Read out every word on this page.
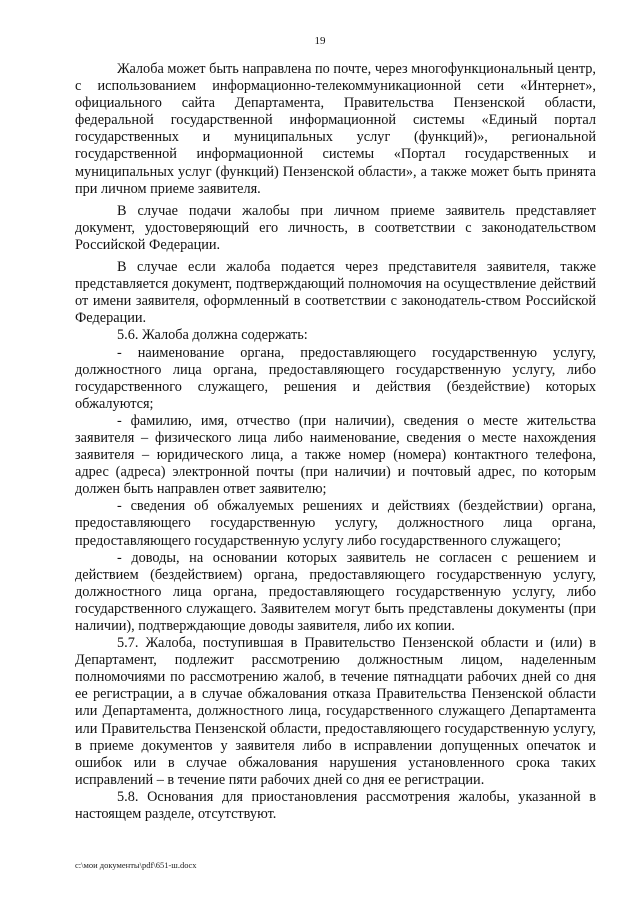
19

Жалоба может быть направлена по почте, через многофункциональный центр, с использованием информационно-телекоммуникационной сети «Интернет», официального сайта Департамента, Правительства Пензенской области, федеральной государственной информационной системы «Единый портал государственных и муниципальных услуг (функций)», региональной государственной информационной системы «Портал государственных и муниципальных услуг (функций) Пензенской области», а также может быть принята при личном приеме заявителя.

В случае подачи жалобы при личном приеме заявитель представляет документ, удостоверяющий его личность, в соответствии с законодательством Российской Федерации.

В случае если жалоба подается через представителя заявителя, также представляется документ, подтверждающий полномочия на осуществление действий от имени заявителя, оформленный в соответствии с законодатель-ством Российской Федерации.

5.6. Жалоба должна содержать:

- наименование органа, предоставляющего государственную услугу, должностного лица органа, предоставляющего государственную услугу, либо государственного служащего, решения и действия (бездействие) которых обжалуются;

- фамилию, имя, отчество (при наличии), сведения о месте жительства заявителя – физического лица либо наименование, сведения о месте нахождения заявителя – юридического лица, а также номер (номера) контактного телефона, адрес (адреса) электронной почты (при наличии) и почтовый адрес, по которым должен быть направлен ответ заявителю;

- сведения об обжалуемых решениях и действиях (бездействии) органа, предоставляющего государственную услугу, должностного лица органа, предоставляющего государственную услугу либо государственного служащего;

- доводы, на основании которых заявитель не согласен с решением и действием (бездействием) органа, предоставляющего государственную услугу, должностного лица органа, предоставляющего государственную услугу, либо государственного служащего. Заявителем могут быть представлены документы (при наличии), подтверждающие доводы заявителя, либо их копии.

5.7. Жалоба, поступившая в Правительство Пензенской области и (или) в Департамент, подлежит рассмотрению должностным лицом, наделенным полномочиями по рассмотрению жалоб, в течение пятнадцати рабочих дней со дня ее регистрации, а в случае обжалования отказа Правительства Пензенской области или Департамента, должностного лица, государственного служащего Департамента или Правительства Пензенской области, предоставляющего государственную услугу, в приеме документов у заявителя либо в исправлении допущенных опечаток и ошибок или в случае обжалования нарушения установленного срока таких исправлений – в течение пяти рабочих дней со дня ее регистрации.

5.8. Основания для приостановления рассмотрения жалобы, указанной в настоящем разделе, отсутствуют.

c:\мои документы\pdf\651-ш.docx
